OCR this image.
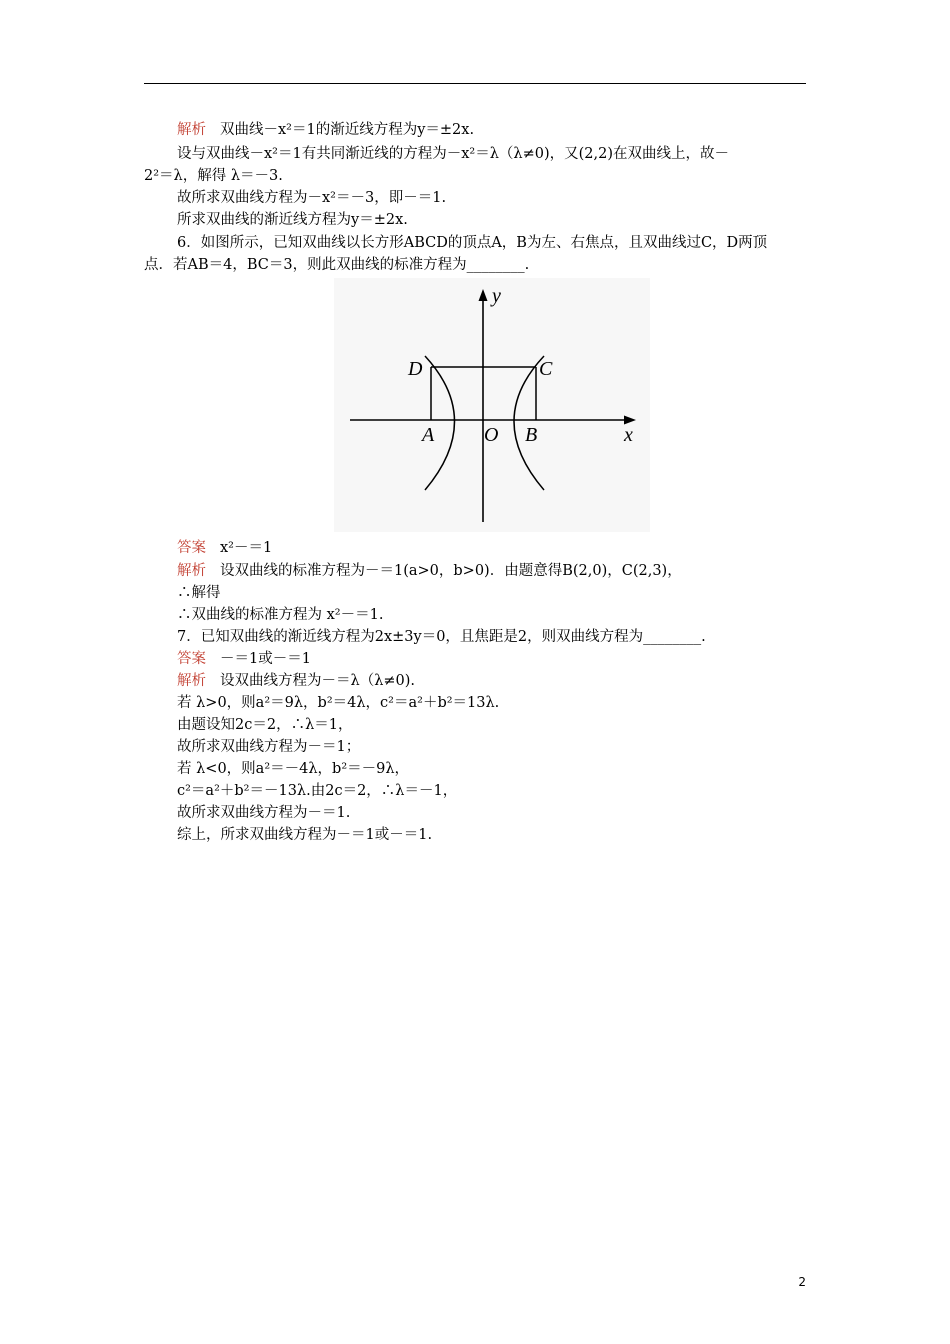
解析 双曲线－x²＝1的渐近线方程为y＝±2x.
设与双曲线－x²＝1有共同渐近线的方程为－x²＝λ（λ≠0)，又(2,2)在双曲线上，故－
2²＝λ，解得 λ＝－3.
故所求双曲线方程为－x²＝－3，即－＝1.
所求双曲线的渐近线方程为y＝±2x.
6．如图所示，已知双曲线以长方形ABCD的顶点A，B为左、右焦点，且双曲线过C，D两顶
点．若AB＝4，BC＝3，则此双曲线的标准方程为________.
y
x
O
A	B
C
D
答案 x²－＝1
解析 设双曲线的标准方程为－＝1(a>0，b>0)．由题意得B(2,0)，C(2,3)，
∴解得
∴双曲线的标准方程为 x²－＝1.
7．已知双曲线的渐近线方程为2x±3y＝0，且焦距是2，则双曲线方程为________.
答案 －＝1或－＝1
解析 设双曲线方程为－＝λ（λ≠0).
若 λ>0，则a²＝9λ，b²＝4λ，c²＝a²＋b²＝13λ.
由题设知2c＝2，∴λ＝1，
故所求双曲线方程为－＝1；
若 λ<0，则a²＝－4λ，b²＝－9λ，
c²＝a²＋b²＝－13λ.由2c＝2，∴λ＝－1，
故所求双曲线方程为－＝1.
综上，所求双曲线方程为－＝1或－＝1.
2
